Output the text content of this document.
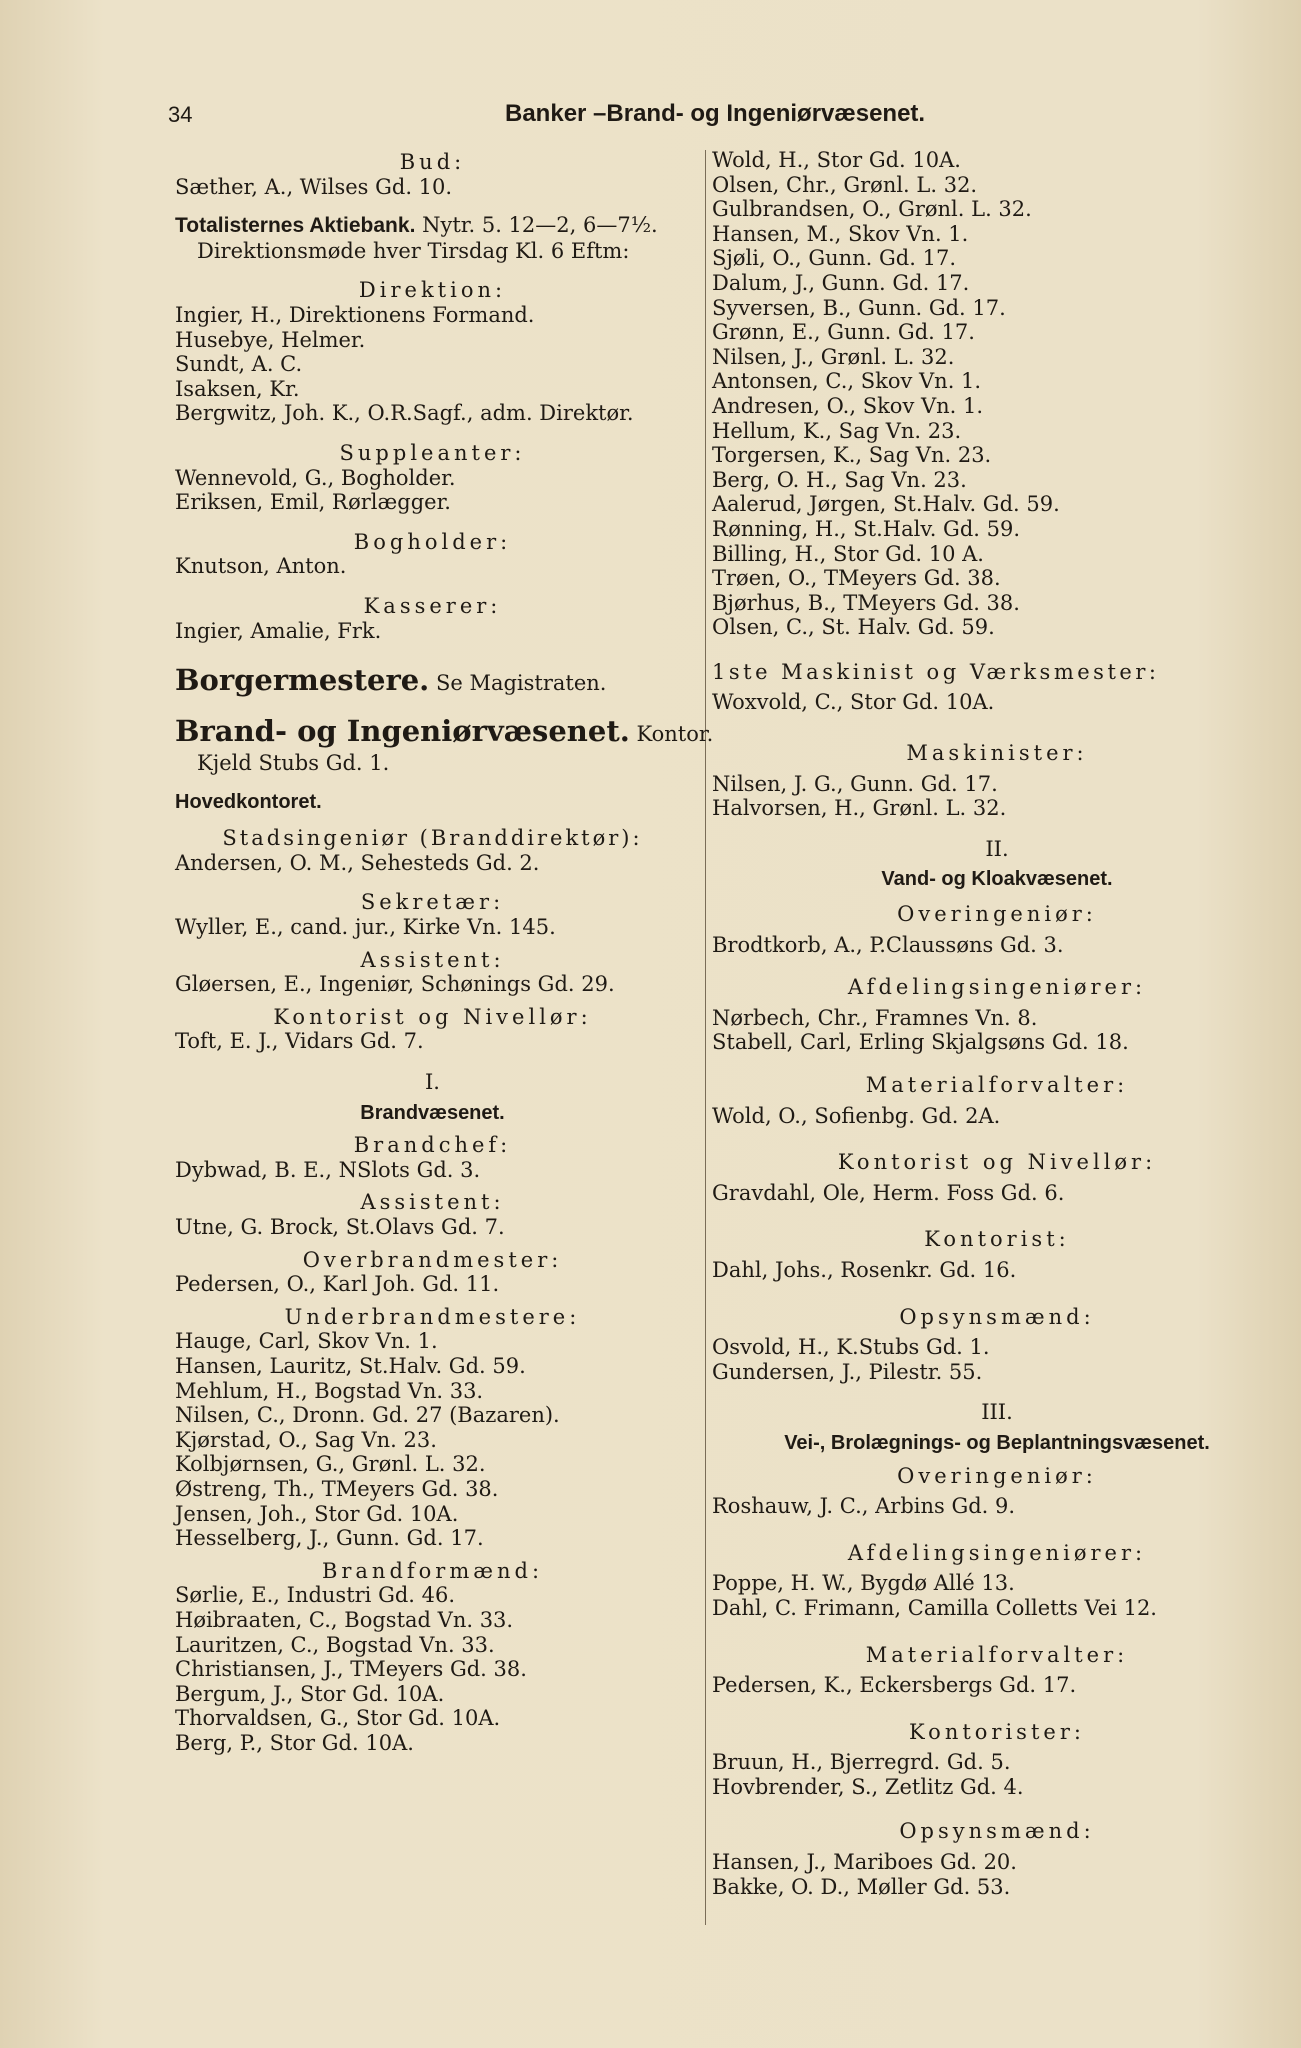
34	Banker –Brand- og Ingeniørvæsenet.
Bud:
Sæther, A., Wilses Gd. 10.
Totalisternes Aktiebank. Nytr. 5. 12—2, 6—7½.
Direktionsmøde hver Tirsdag Kl. 6 Eftm:
Direktion:
Ingier, H., Direktionens Formand.
Husebye, Helmer.
Sundt, A. C.
Isaksen, Kr.
Bergwitz, Joh. K., O.R.Sagf., adm. Direktør.
Suppleanter:
Wennevold, G., Bogholder.
Eriksen, Emil, Rørlægger.
Bogholder:
Knutson, Anton.
Kasserer:
Ingier, Amalie, Frk.
Borgermestere. Se Magistraten.
Brand- og Ingeniørvæsenet. Kontor.
Kjeld Stubs Gd. 1.
Hovedkontoret.
Stadsingeniør (Branddirektør):
Andersen, O. M., Sehesteds Gd. 2.
Sekretær:
Wyller, E., cand. jur., Kirke Vn. 145.
Assistent:
Gløersen, E., Ingeniør, Schønings Gd. 29.
Kontorist og Nivellør:
Toft, E. J., Vidars Gd. 7.
I.
Brandvæsenet.
Brandchef:
Dybwad, B. E., NSlots Gd. 3.
Assistent:
Utne, G. Brock, St.Olavs Gd. 7.
Overbrandmester:
Pedersen, O., Karl Joh. Gd. 11.
Underbrandmestere:
Hauge, Carl, Skov Vn. 1.
Hansen, Lauritz, St.Halv. Gd. 59.
Mehlum, H., Bogstad Vn. 33.
Nilsen, C., Dronn. Gd. 27 (Bazaren).
Kjørstad, O., Sag Vn. 23.
Kolbjørnsen, G., Grønl. L. 32.
Østreng, Th., TMeyers Gd. 38.
Jensen, Joh., Stor Gd. 10A.
Hesselberg, J., Gunn. Gd. 17.
Brandformænd:
Sørlie, E., Industri Gd. 46.
Høibraaten, C., Bogstad Vn. 33.
Lauritzen, C., Bogstad Vn. 33.
Christiansen, J., TMeyers Gd. 38.
Bergum, J., Stor Gd. 10A.
Thorvaldsen, G., Stor Gd. 10A.
Berg, P., Stor Gd. 10A.
Wold, H., Stor Gd. 10A.
Olsen, Chr., Grønl. L. 32.
Gulbrandsen, O., Grønl. L. 32.
Hansen, M., Skov Vn. 1.
Sjøli, O., Gunn. Gd. 17.
Dalum, J., Gunn. Gd. 17.
Syversen, B., Gunn. Gd. 17.
Grønn, E., Gunn. Gd. 17.
Nilsen, J., Grønl. L. 32.
Antonsen, C., Skov Vn. 1.
Andresen, O., Skov Vn. 1.
Hellum, K., Sag Vn. 23.
Torgersen, K., Sag Vn. 23.
Berg, O. H., Sag Vn. 23.
Aalerud, Jørgen, St.Halv. Gd. 59.
Rønning, H., St.Halv. Gd. 59.
Billing, H., Stor Gd. 10 A.
Trøen, O., TMeyers Gd. 38.
Bjørhus, B., TMeyers Gd. 38.
Olsen, C., St. Halv. Gd. 59.
1ste Maskinist og Værksmester:
Woxvold, C., Stor Gd. 10A.
Maskinister:
Nilsen, J. G., Gunn. Gd. 17.
Halvorsen, H., Grønl. L. 32.
II.
Vand- og Kloakvæsenet.
Overingeniør:
Brodtkorb, A., P.Claussøns Gd. 3.
Afdelingsingeniører:
Nørbech, Chr., Framnes Vn. 8.
Stabell, Carl, Erling Skjalgsøns Gd. 18.
Materialforvalter:
Wold, O., Sofienbg. Gd. 2A.
Kontorist og Nivellør:
Gravdahl, Ole, Herm. Foss Gd. 6.
Kontorist:
Dahl, Johs., Rosenkr. Gd. 16.
Opsynsmænd:
Osvold, H., K.Stubs Gd. 1.
Gundersen, J., Pilestr. 55.
III.
Vei-, Brolægnings- og Beplantningsvæsenet.
Overingeniør:
Roshauw, J. C., Arbins Gd. 9.
Afdelingsingeniører:
Poppe, H. W., Bygdø Allé 13.
Dahl, C. Frimann, Camilla Colletts Vei 12.
Materialforvalter:
Pedersen, K., Eckersbergs Gd. 17.
Kontorister:
Bruun, H., Bjerregrd. Gd. 5.
Hovbrender, S., Zetlitz Gd. 4.
Opsynsmænd:
Hansen, J., Mariboes Gd. 20.
Bakke, O. D., Møller Gd. 53.
